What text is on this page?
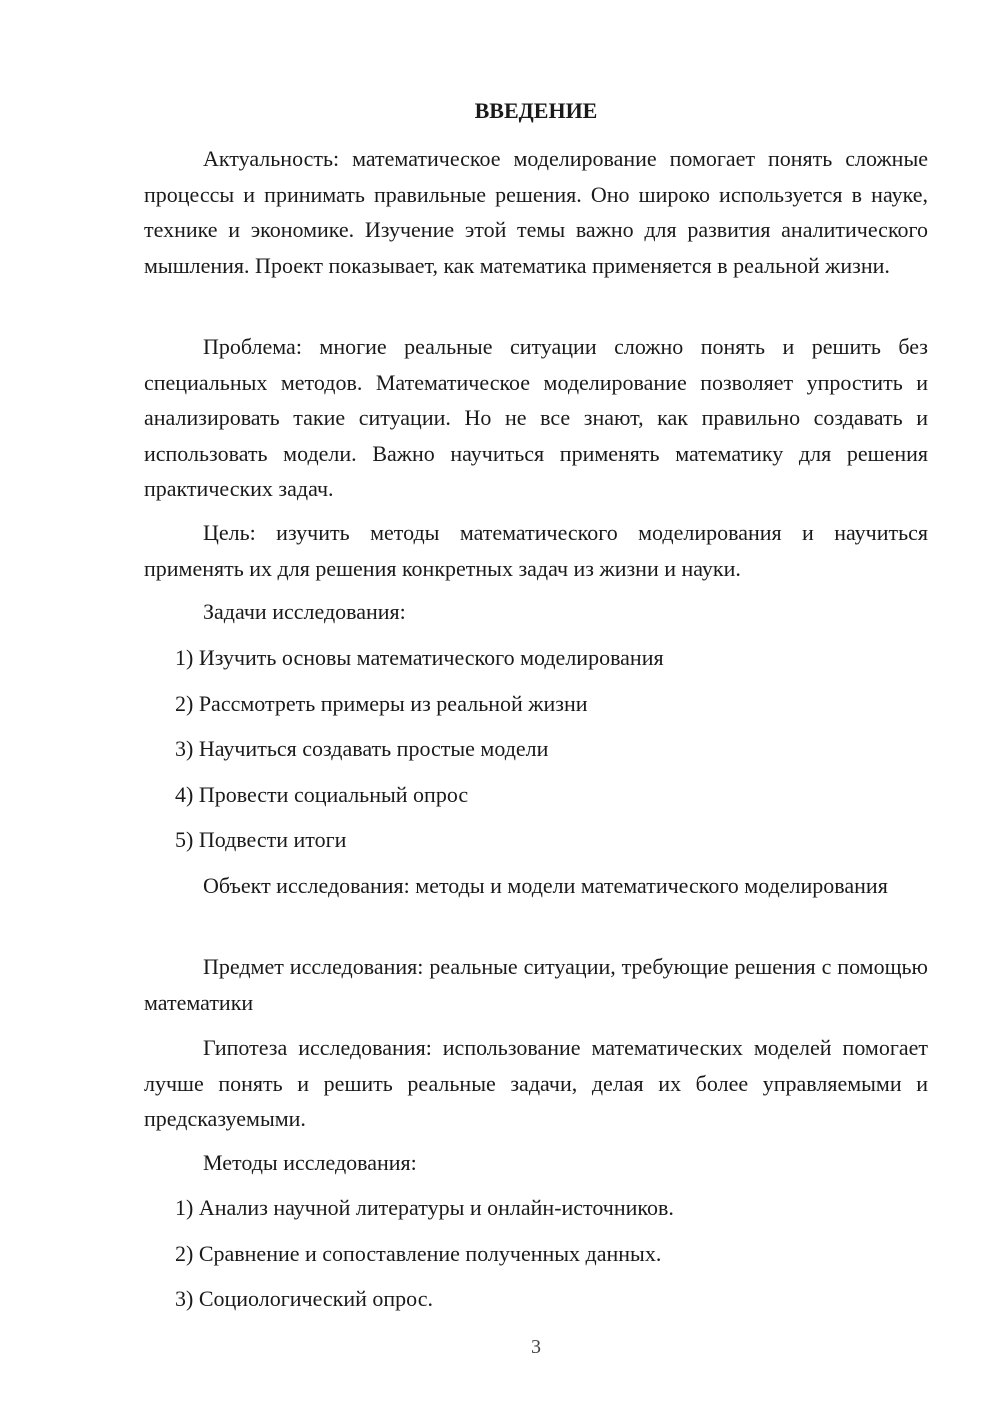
ВВЕДЕНИЕ

Актуальность: математическое моделирование помогает понять сложные процессы и принимать правильные решения. Оно широко используется в науке, технике и экономике. Изучение этой темы важно для развития аналитического мышления. Проект показывает, как математика применяется в реальной жизни.

Проблема: многие реальные ситуации сложно понять и решить без специальных методов. Математическое моделирование позволяет упростить и анализировать такие ситуации. Но не все знают, как правильно создавать и использовать модели. Важно научиться применять математику для решения практических задач.

Цель: изучить методы математического моделирования и научиться применять их для решения конкретных задач из жизни и науки.

Задачи исследования:

1) Изучить основы математического моделирования

2) Рассмотреть примеры из реальной жизни

3) Научиться создавать простые модели

4) Провести социальный опрос

5) Подвести итоги

Объект исследования: методы и модели математического моделирования

Предмет исследования: реальные ситуации, требующие решения с помощью математики

Гипотеза исследования: использование математических моделей помогает лучше понять и решить реальные задачи, делая их более управляемыми и предсказуемыми.

Методы исследования:

1) Анализ научной литературы и онлайн-источников.

2) Сравнение и сопоставление полученных данных.

3) Социологический опрос.

3
